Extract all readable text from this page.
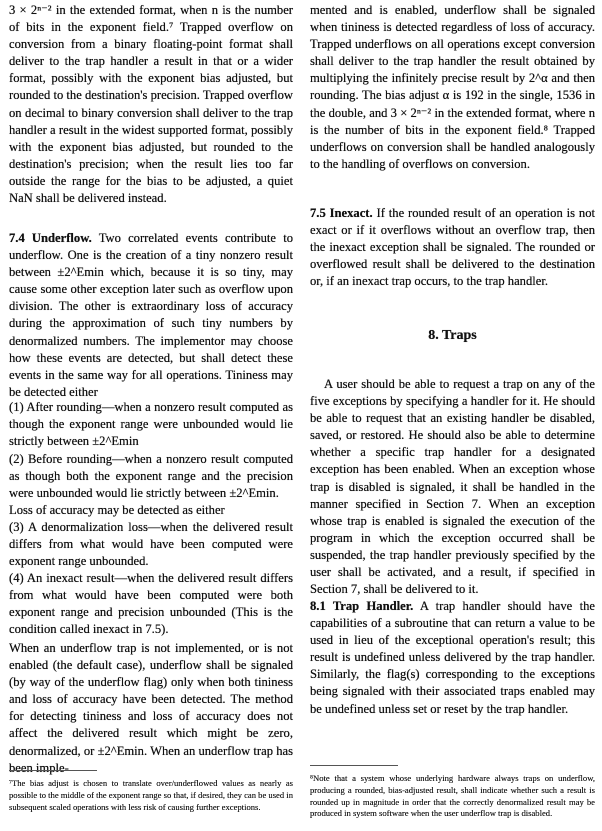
3 × 2ⁿ⁻² in the extended format, when n is the number of bits in the exponent field.⁷ Trapped overflow on conversion from a binary floating-point format shall deliver to the trap handler a result in that or a wider format, possibly with the exponent bias adjusted, but rounded to the destination's precision. Trapped overflow on decimal to binary conversion shall deliver to the trap handler a result in the widest supported format, possibly with the exponent bias adjusted, but rounded to the destination's precision; when the result lies too far outside the range for the bias to be adjusted, a quiet NaN shall be delivered instead.

7.4 Underflow. Two correlated events contribute to underflow. One is the creation of a tiny nonzero result between ±2^Emin which, because it is so tiny, may cause some other exception later such as overflow upon division. The other is extraordinary loss of accuracy during the approximation of such tiny numbers by denormalized numbers. The implementor may choose how these events are detected, but shall detect these events in the same way for all operations. Tininess may be detected either

(1) After rounding—when a nonzero result computed as though the exponent range were unbounded would lie strictly between ±2^Emin

(2) Before rounding—when a nonzero result computed as though both the exponent range and the precision were unbounded would lie strictly between ±2^Emin.

Loss of accuracy may be detected as either

(3) A denormalization loss—when the delivered result differs from what would have been computed were exponent range unbounded.

(4) An inexact result—when the delivered result differs from what would have been computed were both exponent range and precision unbounded (This is the condition called inexact in 7.5).

When an underflow trap is not implemented, or is not enabled (the default case), underflow shall be signaled (by way of the underflow flag) only when both tininess and loss of accuracy have been detected. The method for detecting tininess and loss of accuracy does not affect the delivered result which might be zero, denormalized, or ±2^Emin. When an underflow trap has been imple-

⁷The bias adjust is chosen to translate over/underflowed values as nearly as possible to the middle of the exponent range so that, if desired, they can be used in subsequent scaled operations with less risk of causing further exceptions.

mented and is enabled, underflow shall be signaled when tininess is detected regardless of loss of accuracy. Trapped underflows on all operations except conversion shall deliver to the trap handler the result obtained by multiplying the infinitely precise result by 2^α and then rounding. The bias adjust α is 192 in the single, 1536 in the double, and 3 × 2ⁿ⁻² in the extended format, where n is the number of bits in the exponent field.⁸ Trapped underflows on conversion shall be handled analogously to the handling of overflows on conversion.

7.5 Inexact. If the rounded result of an operation is not exact or if it overflows without an overflow trap, then the inexact exception shall be signaled. The rounded or overflowed result shall be delivered to the destination or, if an inexact trap occurs, to the trap handler.

8. Traps

A user should be able to request a trap on any of the five exceptions by specifying a handler for it. He should be able to request that an existing handler be disabled, saved, or restored. He should also be able to determine whether a specific trap handler for a designated exception has been enabled. When an exception whose trap is disabled is signaled, it shall be handled in the manner specified in Section 7. When an exception whose trap is enabled is signaled the execution of the program in which the exception occurred shall be suspended, the trap handler previously specified by the user shall be activated, and a result, if specified in Section 7, shall be delivered to it.

8.1 Trap Handler. A trap handler should have the capabilities of a subroutine that can return a value to be used in lieu of the exceptional operation's result; this result is undefined unless delivered by the trap handler. Similarly, the flag(s) corresponding to the exceptions being signaled with their associated traps enabled may be undefined unless set or reset by the trap handler.

⁸Note that a system whose underlying hardware always traps on underflow, producing a rounded, bias-adjusted result, shall indicate whether such a result is rounded up in magnitude in order that the correctly denormalized result may be produced in system software when the user underflow trap is disabled.
